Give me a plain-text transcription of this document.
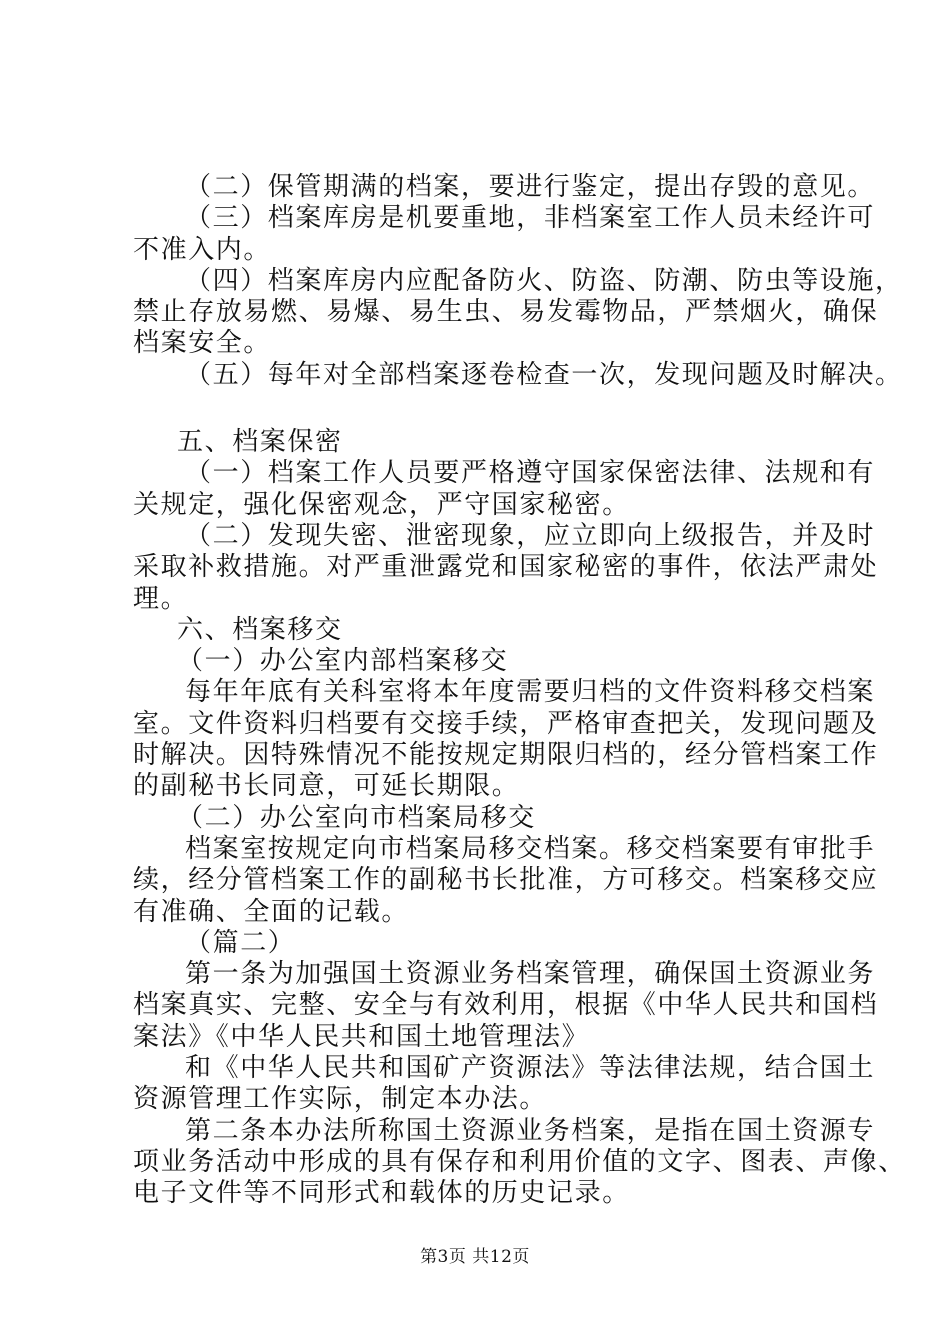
（二）保管期满的档案，要进行鉴定，提出存毁的意见。
（三）档案库房是机要重地，非档案室工作人员未经许可
不准入内。
（四）档案库房内应配备防火、防盗、防潮、防虫等设施，
禁止存放易燃、易爆、易生虫、易发霉物品，严禁烟火，确保
档案安全。
（五）每年对全部档案逐卷检查一次，发现问题及时解决。
五、档案保密
（一）档案工作人员要严格遵守国家保密法律、法规和有
关规定，强化保密观念，严守国家秘密。
（二）发现失密、泄密现象，应立即向上级报告，并及时
采取补救措施。对严重泄露党和国家秘密的事件，依法严肃处
理。
六、档案移交
（一）办公室内部档案移交
每年年底有关科室将本年度需要归档的文件资料移交档案
室。文件资料归档要有交接手续，严格审查把关，发现问题及
时解决。因特殊情况不能按规定期限归档的，经分管档案工作
的副秘书长同意，可延长期限。
（二）办公室向市档案局移交
档案室按规定向市档案局移交档案。移交档案要有审批手
续，经分管档案工作的副秘书长批准，方可移交。档案移交应
有准确、全面的记载。
（篇二）
第一条为加强国土资源业务档案管理，确保国土资源业务
档案真实、完整、安全与有效利用，根据《中华人民共和国档
案法》《中华人民共和国土地管理法》
和《中华人民共和国矿产资源法》等法律法规，结合国土
资源管理工作实际，制定本办法。
第二条本办法所称国土资源业务档案，是指在国土资源专
项业务活动中形成的具有保存和利用价值的文字、图表、声像、
电子文件等不同形式和载体的历史记录。
第3页 共12页
